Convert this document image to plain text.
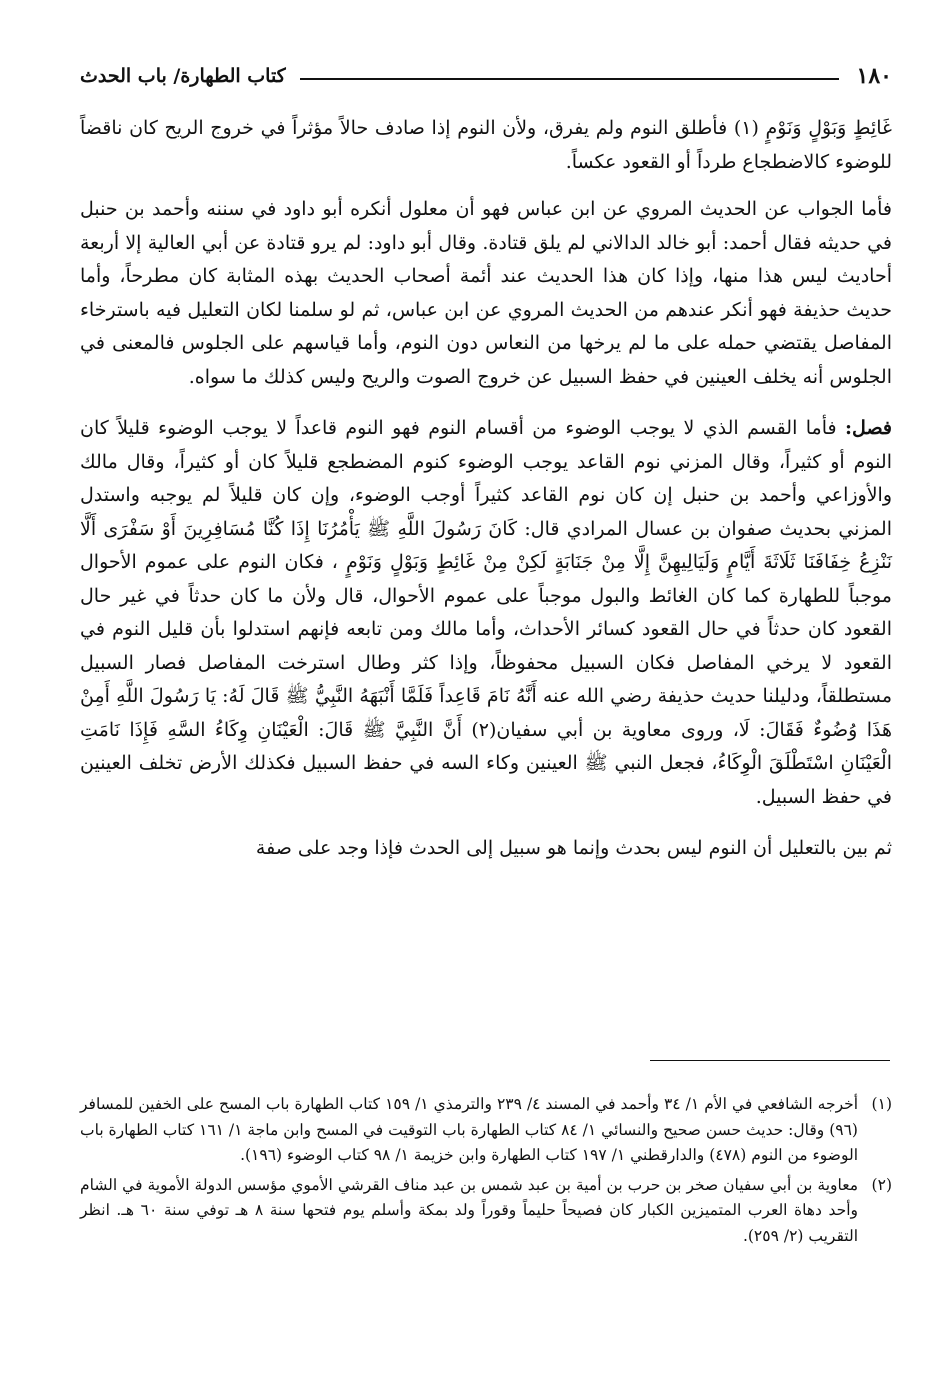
١٨٠
كتاب الطهارة/ باب الحدث

غَائِطٍ وَبَوْلٍ وَنَوْمٍ (١) فأطلق النوم ولم يفرق، ولأن النوم إذا صادف حالاً مؤثراً في خروج الريح كان ناقضاً للوضوء كالاضطجاع طرداً أو القعود عكساً.

فأما الجواب عن الحديث المروي عن ابن عباس فهو أن معلول أنكره أبو داود في سننه وأحمد بن حنبل في حديثه فقال أحمد: أبو خالد الدالاني لم يلق قتادة. وقال أبو داود: لم يرو قتادة عن أبي العالية إلا أربعة أحاديث ليس هذا منها، وإذا كان هذا الحديث عند أئمة أصحاب الحديث بهذه المثابة كان مطرحاً، وأما حديث حذيفة فهو أنكر عندهم من الحديث المروي عن ابن عباس، ثم لو سلمنا لكان التعليل فيه باسترخاء المفاصل يقتضي حمله على ما لم يرخها من النعاس دون النوم، وأما قياسهم على الجلوس فالمعنى في الجلوس أنه يخلف العينين في حفظ السبيل عن خروج الصوت والريح وليس كذلك ما سواه.

فصل: فأما القسم الذي لا يوجب الوضوء من أقسام النوم فهو النوم قاعداً لا يوجب الوضوء قليلاً كان النوم أو كثيراً، وقال المزني نوم القاعد يوجب الوضوء كنوم المضطجع قليلاً كان أو كثيراً، وقال مالك والأوزاعي وأحمد بن حنبل إن كان نوم القاعد كثيراً أوجب الوضوء، وإن كان قليلاً لم يوجبه واستدل المزني بحديث صفوان بن عسال المرادي قال: كَانَ رَسُولَ اللَّهِ ﷺ يَأْمُرُنَا إِذَا كُنَّا مُسَافِرِينَ أَوْ سَفْرَى أَلَّا نَنْزِعُ خِفَافَنَا ثَلَاثَةَ أَيَّامٍ وَلَيَالِيهِنَّ إِلَّا مِنْ جَنَابَةٍ لَكِنْ مِنْ غَائِطٍ وَبَوْلٍ وَنَوْمٍ ، فكان النوم على عموم الأحوال موجباً للطهارة كما كان الغائط والبول موجباً على عموم الأحوال، قال ولأن ما كان حدثاً في غير حال القعود كان حدثاً في حال القعود كسائر الأحداث، وأما مالك ومن تابعه فإنهم استدلوا بأن قليل النوم في القعود لا يرخي المفاصل فكان السبيل محفوظاً، وإذا كثر وطال استرخت المفاصل فصار السبيل مستطلقاً، ودليلنا حديث حذيفة رضي الله عنه أَنَّهُ نَامَ قَاعِداً فَلَمَّا أَنْبَهَهُ النَّبِيُّ ﷺ قَالَ لَهُ: يَا رَسُولَ اللَّهِ أَمِنْ هَذَا وُضُوءٌ فَقَالَ: لَا، وروى معاوية بن أبي سفيان(٢) أَنَّ النَّبِيَّ ﷺ قَالَ: الْعَيْنَانِ وِكَاءُ السَّهِ فَإِذَا نَامَتِ الْعَيْنَانِ اسْتَطْلَقَ الْوِكَاءُ، فجعل النبي ﷺ العينين وكاء السه في حفظ السبيل فكذلك الأرض تخلف العينين في حفظ السبيل.

ثم بين بالتعليل أن النوم ليس بحدث وإنما هو سبيل إلى الحدث فإذا وجد على صفة

(١)
أخرجه الشافعي في الأم ١/ ٣٤ وأحمد في المسند ٤/ ٢٣٩ والترمذي ١/ ١٥٩ كتاب الطهارة باب المسح على الخفين للمسافر (٩٦) وقال: حديث حسن صحيح والنسائي ١/ ٨٤ كتاب الطهارة باب التوقيت في المسح وابن ماجة ١/ ١٦١ كتاب الطهارة باب الوضوء من النوم (٤٧٨) والدارقطني ١/ ١٩٧ كتاب الطهارة وابن خزيمة ١/ ٩٨ كتاب الوضوء (١٩٦).
(٢)
معاوية بن أبي سفيان صخر بن حرب بن أمية بن عبد شمس بن عبد مناف القرشي الأموي مؤسس الدولة الأموية في الشام وأحد دهاة العرب المتميزين الكبار كان فصيحاً حليماً وقوراً ولد بمكة وأسلم يوم فتحها سنة ٨ هـ توفي سنة ٦٠ هـ. انظر التقريب (٢/ ٢٥٩).
